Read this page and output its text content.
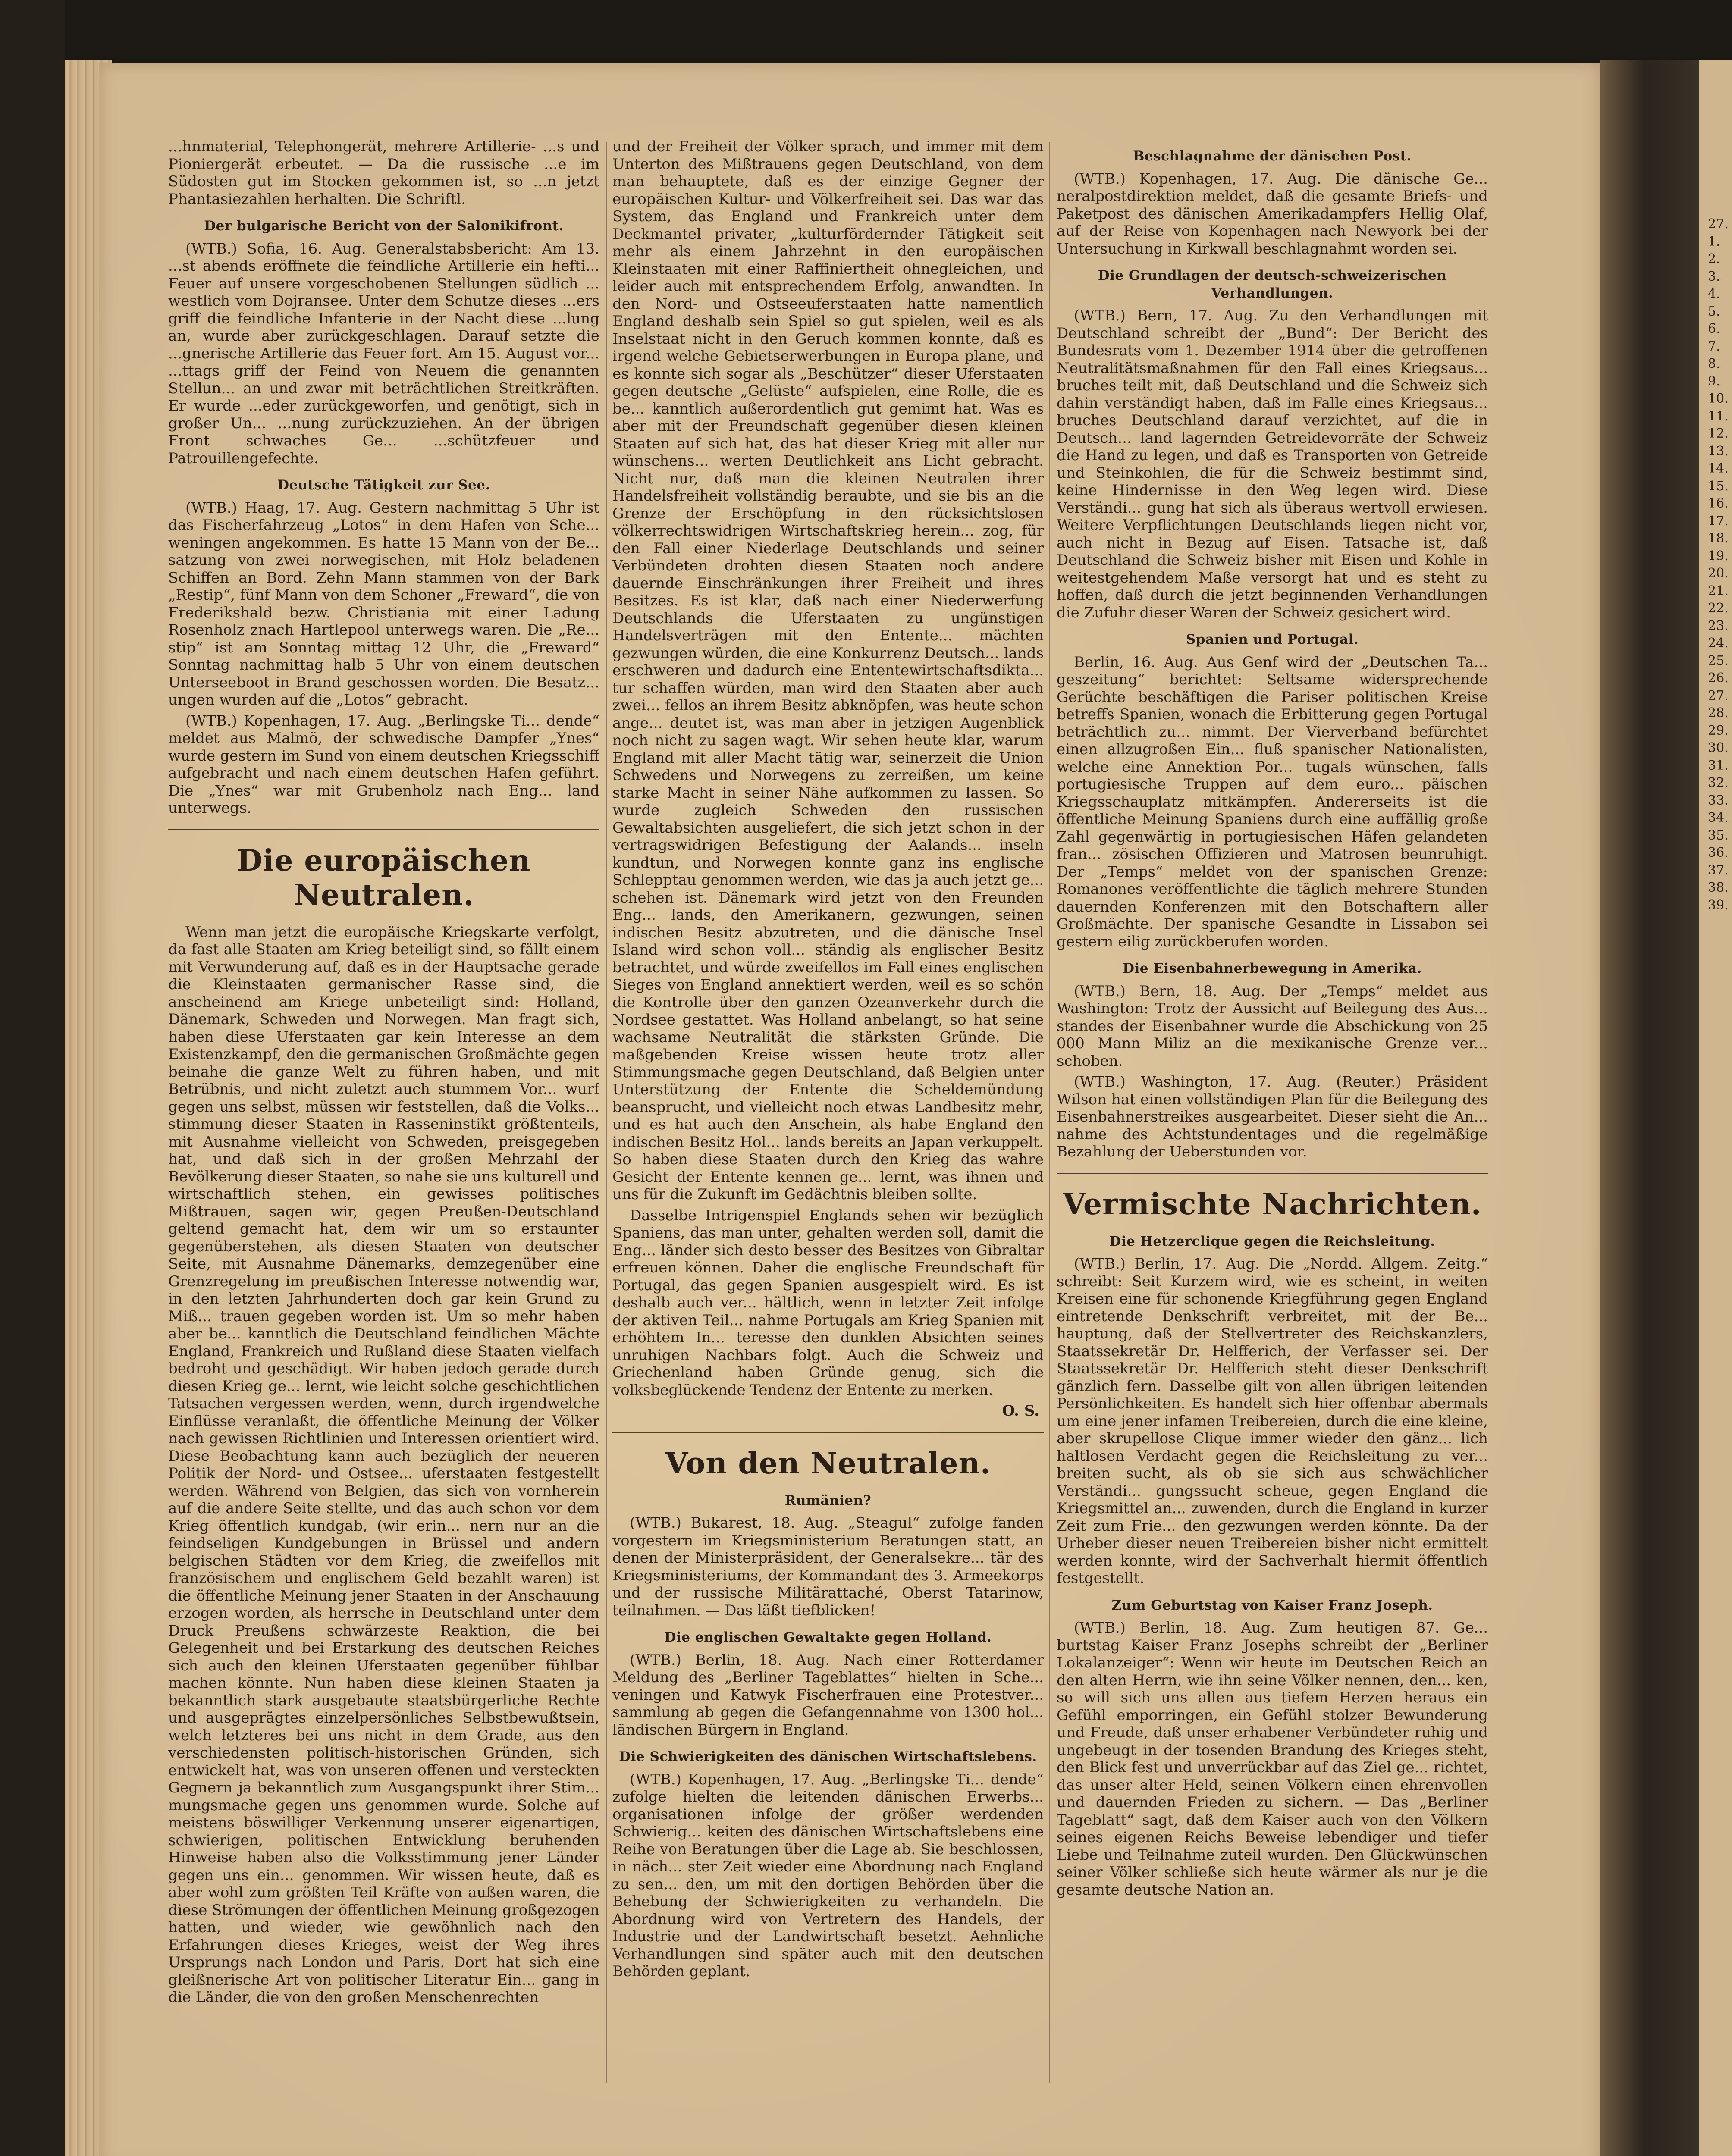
...hnmaterial, Telephongerät, mehrere Artillerie- ...s und Pioniergerät erbeutet. — Da die russische ...e im Südosten gut im Stocken gekommen ist, so ...n jetzt Phantasiezahlen herhalten. Die Schriftl.

Der bulgarische Bericht von der Salonikifront.

(WTB.) Sofia, 16. Aug. Generalstabsbericht: Am 13. ...st abends eröffnete die feindliche Artillerie ein hefti... Feuer auf unsere vorgeschobenen Stellungen südlich ... westlich vom Dojransee. Unter dem Schutze dieses ...ers griff die feindliche Infanterie in der Nacht diese ...lung an, wurde aber zurückgeschlagen. Darauf setzte die ...gnerische Artillerie das Feuer fort. Am 15. August vor... ...ttags griff der Feind von Neuem die genannten Stellun... an und zwar mit beträchtlichen Streitkräften. Er wurde ...eder zurückgeworfen, und genötigt, sich in großer Un... ...nung zurückzuziehen. An der übrigen Front schwaches Ge... ...schützfeuer und Patrouillengefechte.

Deutsche Tätigkeit zur See.

(WTB.) Haag, 17. Aug. Gestern nachmittag 5 Uhr ist das Fischerfahrzeug „Lotos“ in dem Hafen von Sche... weningen angekommen. Es hatte 15 Mann von der Be... satzung von zwei norwegischen, mit Holz beladenen Schiffen an Bord. Zehn Mann stammen von der Bark „Restip“, fünf Mann von dem Schoner „Freward“, die von Frederikshald bezw. Christiania mit einer Ladung Rosenholz znach Hartlepool unterwegs waren. Die „Re... stip“ ist am Sonntag mittag 12 Uhr, die „Freward“ Sonntag nachmittag halb 5 Uhr von einem deutschen Unterseeboot in Brand geschossen worden. Die Besatz... ungen wurden auf die „Lotos“ gebracht.

(WTB.) Kopenhagen, 17. Aug. „Berlingske Ti... dende“ meldet aus Malmö, der schwedische Dampfer „Ynes“ wurde gestern im Sund von einem deutschen Kriegsschiff aufgebracht und nach einem deutschen Hafen geführt. Die „Ynes“ war mit Grubenholz nach Eng... land unterwegs.

Die europäischen Neutralen.

Wenn man jetzt die europäische Kriegskarte verfolgt, da fast alle Staaten am Krieg beteiligt sind, so fällt einem mit Verwunderung auf, daß es in der Hauptsache gerade die Kleinstaaten germanischer Rasse sind, die anscheinend am Kriege unbeteiligt sind: Holland, Dänemark, Schweden und Norwegen. Man fragt sich, haben diese Uferstaaten gar kein Interesse an dem Existenzkampf, den die germanischen Großmächte gegen beinahe die ganze Welt zu führen haben, und mit Betrübnis, und nicht zuletzt auch stummem Vor... wurf gegen uns selbst, müssen wir feststellen, daß die Volks... stimmung dieser Staaten in Rasseninstikt größtenteils, mit Ausnahme vielleicht von Schweden, preisgegeben hat, und daß sich in der großen Mehrzahl der Bevölkerung dieser Staaten, so nahe sie uns kulturell und wirtschaftlich stehen, ein gewisses politisches Mißtrauen, sagen wir, gegen Preußen-Deutschland geltend gemacht hat, dem wir um so erstaunter gegenüberstehen, als diesen Staaten von deutscher Seite, mit Ausnahme Dänemarks, demzegenüber eine Grenzregelung im preußischen Interesse notwendig war, in den letzten Jahrhunderten doch gar kein Grund zu Miß... trauen gegeben worden ist. Um so mehr haben aber be... kanntlich die Deutschland feindlichen Mächte England, Frankreich und Rußland diese Staaten vielfach bedroht und geschädigt. Wir haben jedoch gerade durch diesen Krieg ge... lernt, wie leicht solche geschichtlichen Tatsachen vergessen werden, wenn, durch irgendwelche Einflüsse veranlaßt, die öffentliche Meinung der Völker nach gewissen Richtlinien und Interessen orientiert wird. Diese Beobachtung kann auch bezüglich der neueren Politik der Nord- und Ostsee... uferstaaten festgestellt werden. Während von Belgien, das sich von vornherein auf die andere Seite stellte, und das auch schon vor dem Krieg öffentlich kundgab, (wir erin... nern nur an die feindseligen Kundgebungen in Brüssel und andern belgischen Städten vor dem Krieg, die zweifellos mit französischem und englischem Geld bezahlt waren) ist die öffentliche Meinung jener Staaten in der Anschauung erzogen worden, als herrsche in Deutschland unter dem Druck Preußens schwärzeste Reaktion, die bei Gelegenheit und bei Erstarkung des deutschen Reiches sich auch den kleinen Uferstaaten gegenüber fühlbar machen könnte. Nun haben diese kleinen Staaten ja bekanntlich stark ausgebaute staatsbürgerliche Rechte und ausgeprägtes einzelpersönliches Selbstbewußtsein, welch letzteres bei uns nicht in dem Grade, aus den verschiedensten politisch-historischen Gründen, sich entwickelt hat, was von unseren offenen und versteckten Gegnern ja bekanntlich zum Ausgangspunkt ihrer Stim... mungsmache gegen uns genommen wurde. Solche auf meistens böswilliger Verkennung unserer eigenartigen, schwierigen, politischen Entwicklung beruhenden Hinweise haben also die Volksstimmung jener Länder gegen uns ein... genommen. Wir wissen heute, daß es aber wohl zum größten Teil Kräfte von außen waren, die diese Strömungen der öffentlichen Meinung großgezogen hatten, und wieder, wie gewöhnlich nach den Erfahrungen dieses Krieges, weist der Weg ihres Ursprungs nach London und Paris. Dort hat sich eine gleißnerische Art von politischer Literatur Ein... gang in die Länder, die von den großen Menschenrechten

und der Freiheit der Völker sprach, und immer mit dem Unterton des Mißtrauens gegen Deutschland, von dem man behauptete, daß es der einzige Gegner der europäischen Kultur- und Völkerfreiheit sei. Das war das System, das England und Frankreich unter dem Deckmantel privater, „kulturfördernder Tätigkeit seit mehr als einem Jahrzehnt in den europäischen Kleinstaaten mit einer Raffiniertheit ohnegleichen, und leider auch mit entsprechendem Erfolg, anwandten. In den Nord- und Ostseeuferstaaten hatte namentlich England deshalb sein Spiel so gut spielen, weil es als Inselstaat nicht in den Geruch kommen konnte, daß es irgend welche Gebietserwerbungen in Europa plane, und es konnte sich sogar als „Beschützer“ dieser Uferstaaten gegen deutsche „Gelüste“ aufspielen, eine Rolle, die es be... kanntlich außerordentlich gut gemimt hat. Was es aber mit der Freundschaft gegenüber diesen kleinen Staaten auf sich hat, das hat dieser Krieg mit aller nur wünschens... werten Deutlichkeit ans Licht gebracht. Nicht nur, daß man die kleinen Neutralen ihrer Handelsfreiheit vollständig beraubte, und sie bis an die Grenze der Erschöpfung in den rücksichtslosen völkerrechtswidrigen Wirtschaftskrieg herein... zog, für den Fall einer Niederlage Deutschlands und seiner Verbündeten drohten diesen Staaten noch andere dauernde Einschränkungen ihrer Freiheit und ihres Besitzes. Es ist klar, daß nach einer Niederwerfung Deutschlands die Uferstaaten zu ungünstigen Handelsverträgen mit den Entente... mächten gezwungen würden, die eine Konkurrenz Deutsch... lands erschweren und dadurch eine Ententewirtschaftsdikta... tur schaffen würden, man wird den Staaten aber auch zwei... fellos an ihrem Besitz abknöpfen, was heute schon ange... deutet ist, was man aber in jetzigen Augenblick noch nicht zu sagen wagt. Wir sehen heute klar, warum England mit aller Macht tätig war, seinerzeit die Union Schwedens und Norwegens zu zerreißen, um keine starke Macht in seiner Nähe aufkommen zu lassen. So wurde zugleich Schweden den russischen Gewaltabsichten ausgeliefert, die sich jetzt schon in der vertragswidrigen Befestigung der Aalands... inseln kundtun, und Norwegen konnte ganz ins englische Schlepptau genommen werden, wie das ja auch jetzt ge... schehen ist. Dänemark wird jetzt von den Freunden Eng... lands, den Amerikanern, gezwungen, seinen indischen Besitz abzutreten, und die dänische Insel Island wird schon voll... ständig als englischer Besitz betrachtet, und würde zweifellos im Fall eines englischen Sieges von England annektiert werden, weil es so schön die Kontrolle über den ganzen Ozeanverkehr durch die Nordsee gestattet. Was Holland anbelangt, so hat seine wachsame Neutralität die stärksten Gründe. Die maßgebenden Kreise wissen heute trotz aller Stimmungsmache gegen Deutschland, daß Belgien unter Unterstützung der Entente die Scheldemündung beansprucht, und vielleicht noch etwas Landbesitz mehr, und es hat auch den Anschein, als habe England den indischen Besitz Hol... lands bereits an Japan verkuppelt. So haben diese Staaten durch den Krieg das wahre Gesicht der Entente kennen ge... lernt, was ihnen und uns für die Zukunft im Gedächtnis bleiben sollte.

Dasselbe Intrigenspiel Englands sehen wir bezüglich Spaniens, das man unter, gehalten werden soll, damit die Eng... länder sich desto besser des Besitzes von Gibraltar erfreuen können. Daher die englische Freundschaft für Portugal, das gegen Spanien ausgespielt wird. Es ist deshalb auch ver... hältlich, wenn in letzter Zeit infolge der aktiven Teil... nahme Portugals am Krieg Spanien mit erhöhtem In... teresse den dunklen Absichten seines unruhigen Nachbars folgt. Auch die Schweiz und Griechenland haben Gründe genug, sich die volksbeglückende Tendenz der Entente zu merken.

O. S.
Von den Neutralen.
Rumänien?

(WTB.) Bukarest, 18. Aug. „Steagul“ zufolge fanden vorgestern im Kriegsministerium Beratungen statt, an denen der Ministerpräsident, der Generalsekre... tär des Kriegsministeriums, der Kommandant des 3. Armeekorps und der russische Militärattaché, Oberst Tatarinow, teilnahmen. — Das läßt tiefblicken!

Die englischen Gewaltakte gegen Holland.

(WTB.) Berlin, 18. Aug. Nach einer Rotterdamer Meldung des „Berliner Tageblattes“ hielten in Sche... veningen und Katwyk Fischerfrauen eine Protestver... sammlung ab gegen die Gefangennahme von 1300 hol... ländischen Bürgern in England.

Die Schwierigkeiten des dänischen Wirtschaftslebens.

(WTB.) Kopenhagen, 17. Aug. „Berlingske Ti... dende“ zufolge hielten die leitenden dänischen Erwerbs... organisationen infolge der größer werdenden Schwierig... keiten des dänischen Wirtschaftslebens eine Reihe von Beratungen über die Lage ab. Sie beschlossen, in näch... ster Zeit wieder eine Abordnung nach England zu sen... den, um mit den dortigen Behörden über die Behebung der Schwierigkeiten zu verhandeln. Die Abordnung wird von Vertretern des Handels, der Industrie und der Landwirtschaft besetzt. Aehnliche Verhandlungen sind später auch mit den deutschen Behörden geplant.

Beschlagnahme der dänischen Post.

(WTB.) Kopenhagen, 17. Aug. Die dänische Ge... neralpostdirektion meldet, daß die gesamte Briefs- und Paketpost des dänischen Amerikadampfers Hellig Olaf, auf der Reise von Kopenhagen nach Newyork bei der Untersuchung in Kirkwall beschlagnahmt worden sei.

Die Grundlagen der deutsch-schweizerischen Verhandlungen.

(WTB.) Bern, 17. Aug. Zu den Verhandlungen mit Deutschland schreibt der „Bund“: Der Bericht des Bundesrats vom 1. Dezember 1914 über die getroffenen Neutralitätsmaßnahmen für den Fall eines Kriegsaus... bruches teilt mit, daß Deutschland und die Schweiz sich dahin verständigt haben, daß im Falle eines Kriegsaus... bruches Deutschland darauf verzichtet, auf die in Deutsch... land lagernden Getreidevorräte der Schweiz die Hand zu legen, und daß es Transporten von Getreide und Steinkohlen, die für die Schweiz bestimmt sind, keine Hindernisse in den Weg legen wird. Diese Verständi... gung hat sich als überaus wertvoll erwiesen. Weitere Verpflichtungen Deutschlands liegen nicht vor, auch nicht in Bezug auf Eisen. Tatsache ist, daß Deutschland die Schweiz bisher mit Eisen und Kohle in weitestgehendem Maße versorgt hat und es steht zu hoffen, daß durch die jetzt beginnenden Verhandlungen die Zufuhr dieser Waren der Schweiz gesichert wird.

Spanien und Portugal.

Berlin, 16. Aug. Aus Genf wird der „Deutschen Ta... geszeitung“ berichtet: Seltsame widersprechende Gerüchte beschäftigen die Pariser politischen Kreise betreffs Spanien, wonach die Erbitterung gegen Portugal beträchtlich zu... nimmt. Der Vierverband befürchtet einen allzugroßen Ein... fluß spanischer Nationalisten, welche eine Annektion Por... tugals wünschen, falls portugiesische Truppen auf dem euro... päischen Kriegsschauplatz mitkämpfen. Andererseits ist die öffentliche Meinung Spaniens durch eine auffällig große Zahl gegenwärtig in portugiesischen Häfen gelandeten fran... zösischen Offizieren und Matrosen beunruhigt. Der „Temps“ meldet von der spanischen Grenze: Romanones veröffentlichte die täglich mehrere Stunden dauernden Konferenzen mit den Botschaftern aller Großmächte. Der spanische Gesandte in Lissabon sei gestern eilig zurückberufen worden.

Die Eisenbahnerbewegung in Amerika.

(WTB.) Bern, 18. Aug. Der „Temps“ meldet aus Washington: Trotz der Aussicht auf Beilegung des Aus... standes der Eisenbahner wurde die Abschickung von 25 000 Mann Miliz an die mexikanische Grenze ver... schoben.

(WTB.) Washington, 17. Aug. (Reuter.) Präsident Wilson hat einen vollständigen Plan für die Beilegung des Eisenbahnerstreikes ausgearbeitet. Dieser sieht die An... nahme des Achtstundentages und die regelmäßige Bezahlung der Ueberstunden vor.

Vermischte Nachrichten.
Die Hetzerclique gegen die Reichsleitung.

(WTB.) Berlin, 17. Aug. Die „Nordd. Allgem. Zeitg.“ schreibt: Seit Kurzem wird, wie es scheint, in weiten Kreisen eine für schonende Kriegführung gegen England eintretende Denkschrift verbreitet, mit der Be... hauptung, daß der Stellvertreter des Reichskanzlers, Staatssekretär Dr. Helfferich, der Verfasser sei. Der Staatssekretär Dr. Helfferich steht dieser Denkschrift gänzlich fern. Dasselbe gilt von allen übrigen leitenden Persönlichkeiten. Es handelt sich hier offenbar abermals um eine jener infamen Treibereien, durch die eine kleine, aber skrupellose Clique immer wieder den gänz... lich haltlosen Verdacht gegen die Reichsleitung zu ver... breiten sucht, als ob sie sich aus schwächlicher Verständi... gungssucht scheue, gegen England die Kriegsmittel an... zuwenden, durch die England in kurzer Zeit zum Frie... den gezwungen werden könnte. Da der Urheber dieser neuen Treibereien bisher nicht ermittelt werden konnte, wird der Sachverhalt hiermit öffentlich festgestellt.

Zum Geburtstag von Kaiser Franz Joseph.

(WTB.) Berlin, 18. Aug. Zum heutigen 87. Ge... burtstag Kaiser Franz Josephs schreibt der „Berliner Lokalanzeiger“: Wenn wir heute im Deutschen Reich an den alten Herrn, wie ihn seine Völker nennen, den... ken, so will sich uns allen aus tiefem Herzen heraus ein Gefühl emporringen, ein Gefühl stolzer Bewunderung und Freude, daß unser erhabener Verbündeter ruhig und ungebeugt in der tosenden Brandung des Krieges steht, den Blick fest und unverrückbar auf das Ziel ge... richtet, das unser alter Held, seinen Völkern einen ehrenvollen und dauernden Frieden zu sichern. — Das „Berliner Tageblatt“ sagt, daß dem Kaiser auch von den Völkern seines eigenen Reichs Beweise lebendiger und tiefer Liebe und Teilnahme zuteil wurden. Den Glückwünschen seiner Völker schließe sich heute wärmer als nur je die gesamte deutsche Nation an.

27.
1.
2.
3.
4.
5.
6.
7.
8.
9.
10.
11.
12.
13.
14.
15.
16.
17.
18.
19.
20.
21.
22.
23.
24.
25.
26.
27.
28.
29.
30.
31.
32.
33.
34.
35.
36.
37.
38.
39.
